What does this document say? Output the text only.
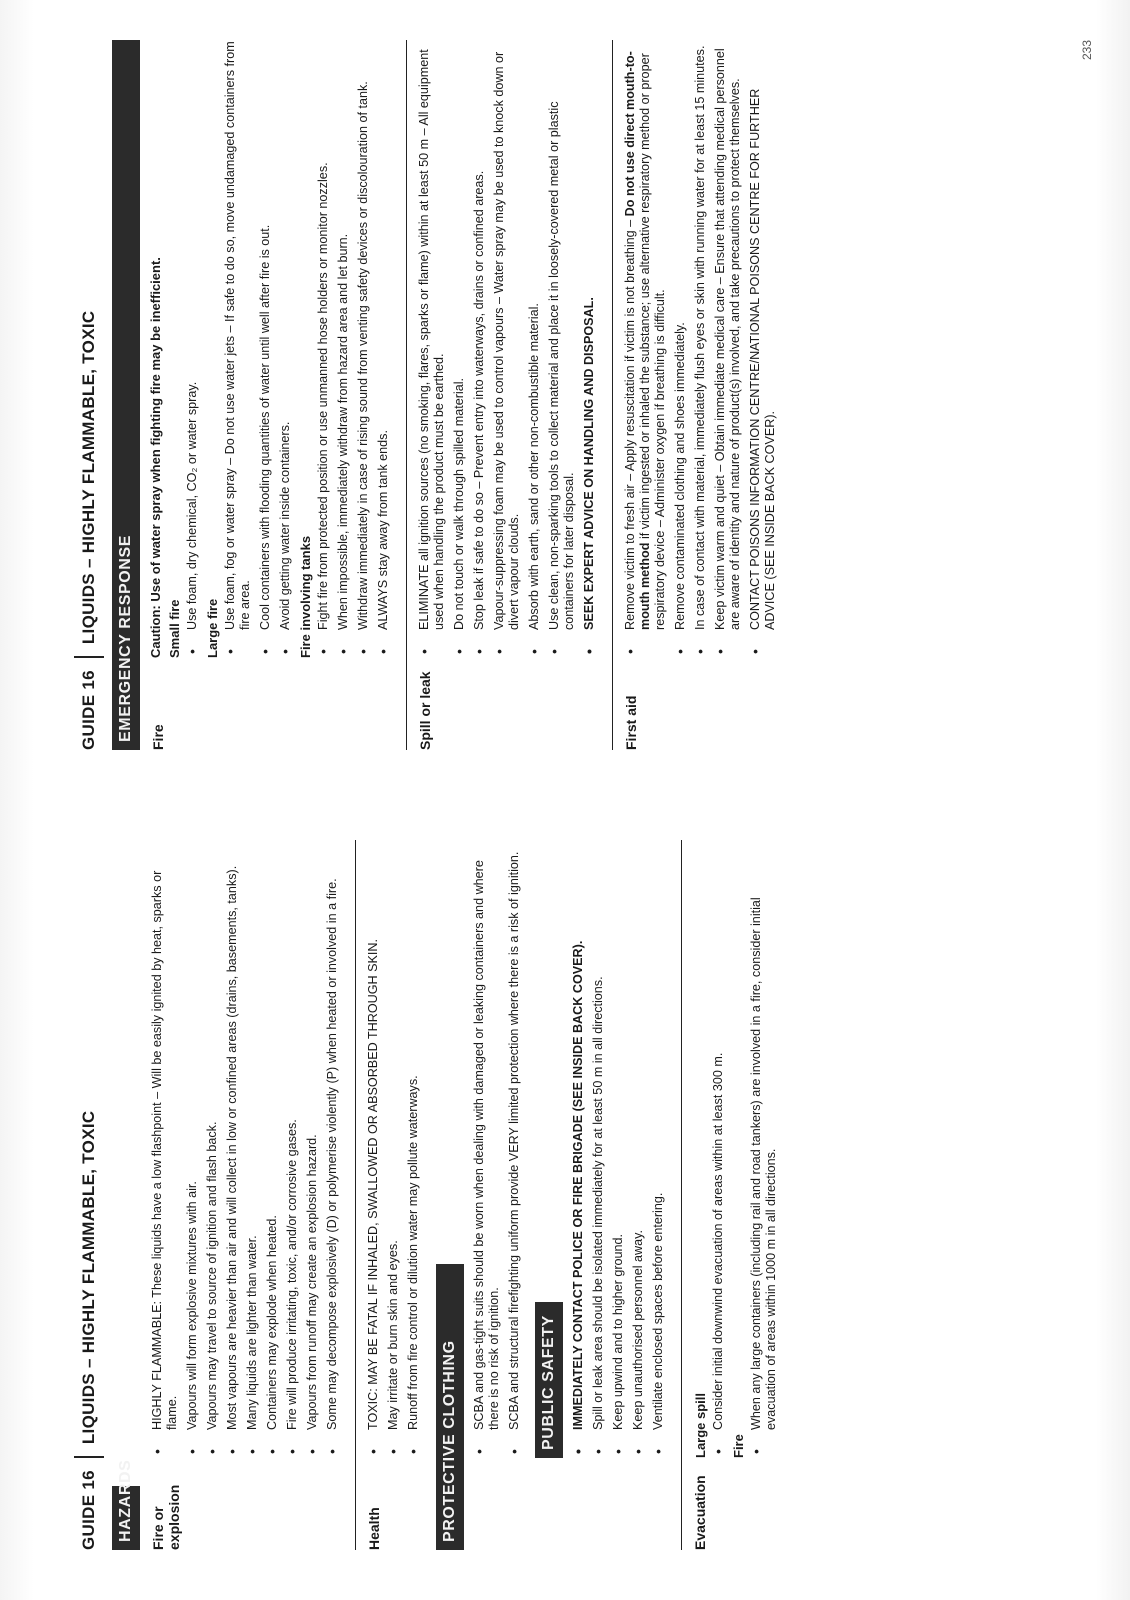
GUIDE 16
LIQUIDS – HIGHLY FLAMMABLE, TOXIC
HAZARDS Fire or explosion
• HIGHLY FLAMMABLE: These liquids have a low flashpoint – Will be easily ignited by heat, sparks or flame. • Vapours will form explosive mixtures with air. • Vapours may travel to source of ignition and flash back. • Most vapours are heavier than air and will collect in low or confined areas (drains, basements, tanks). • Many liquids are lighter than water. • Containers may explode when heated. • Fire will produce irritating, toxic, and/or corrosive gases. • Vapours from runoff may create an explosion hazard. • Some may decompose explosively (D) or polymerise violently (P) when heated or involved in a fire.
Health
• TOXIC: MAY BE FATAL IF INHALED, SWALLOWED OR ABSORBED THROUGH SKIN. • May irritate or burn skin and eyes. • Runoff from fire control or dilution water may pollute waterways.
PROTECTIVE CLOTHING
• SCBA and gas-tight suits should be worn when dealing with damaged or leaking containers and where there is no risk of ignition. • SCBA and structural firefighting uniform provide VERY limited protection where there is a risk of ignition. PUBLIC SAFETY • IMMEDIATELY CONTACT POLICE OR FIRE BRIGADE (SEE INSIDE BACK COVER). • Spill or leak area should be isolated immediately for at least 50 m in all directions. • Keep upwind and to higher ground. • Keep unauthorised personnel away. • Ventilate enclosed spaces before entering.
Evacuation
Large spill • Consider initial downwind evacuation of areas within at least 300 m.
Fire
• When any large containers (including rail and road tankers) are involved in a fire, consider initial evacuation of areas within 1000 m in all directions.
GUIDE 16
LIQUIDS – HIGHLY FLAMMABLE, TOXIC	EMERGENCY RESPONSE	Fire
Caution: Use of water spray when fighting fire may be inefficient. Small fire • Use foam, dry chemical, CO₂ or water spray. Large fire • Use foam, fog or water spray – Do not use water jets – If safe to do so, move undamaged containers from fire area. • Cool containers with flooding quantities of water until well after fire is out. • Avoid getting water inside containers. Fire involving tanks • Fight fire from protected position or use unmanned hose holders or monitor nozzles. • When impossible, immediately withdraw from hazard area and let burn. • Withdraw immediately in case of rising sound from venting safety devices or discolouration of tank. • ALWAYS stay away from tank ends.
Spill or leak
• ELIMINATE all ignition sources (no smoking, flares, sparks or flame) within at least 50 m – All equipment used when handling the product must be earthed. • Do not touch or walk through spilled material. • Stop leak if safe to do so – Prevent entry into waterways, drains or confined areas. • Vapour-suppressing foam may be used to control vapours – Water spray may be used to knock down or divert vapour clouds. • Absorb with earth, sand or other non-combustible material. • Use clean, non-sparking tools to collect material and place it in loosely-covered metal or plastic containers for later disposal. • SEEK EXPERT ADVICE ON HANDLING AND DISPOSAL.
First aid
• Remove victim to fresh air – Apply resuscitation if victim is not breathing – Do not use direct mouth-to-mouth method if victim ingested or inhaled the substance; use alternative respiratory method or proper respiratory device – Administer oxygen if breathing is difficult. • Remove contaminated clothing and shoes immediately. • In case of contact with material, immediately flush eyes or skin with running water for at least 15 minutes. • Keep victim warm and quiet – Obtain immediate medical care – Ensure that attending medical personnel are aware of identity and nature of product(s) involved, and take precautions to protect themselves. • CONTACT POISONS INFORMATION CENTRE/NATIONAL POISONS CENTRE FOR FURTHER ADVICE (SEE INSIDE BACK COVER).
233
